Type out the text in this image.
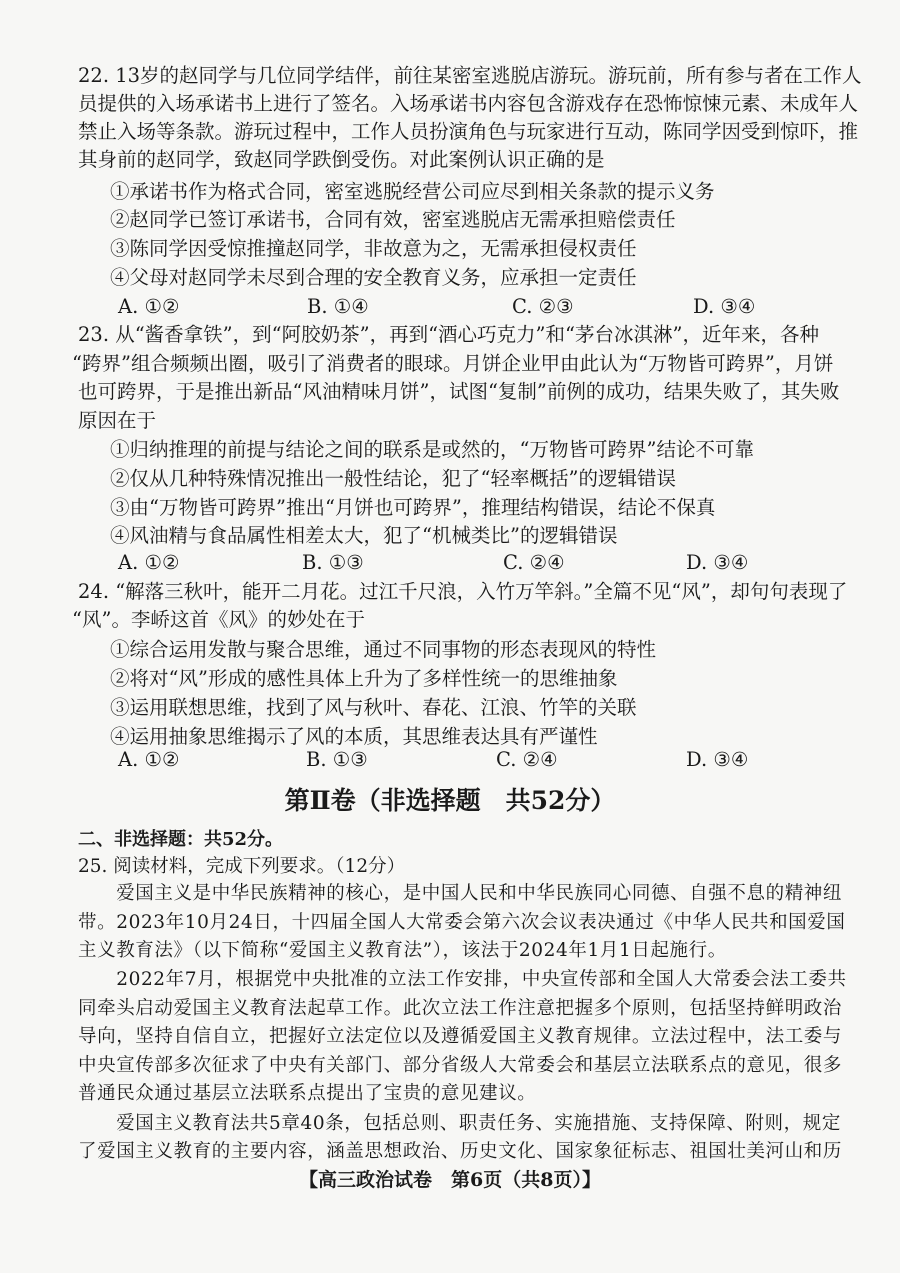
22. 13岁的赵同学与几位同学结伴，前往某密室逃脱店游玩。游玩前，所有参与者在工作人
员提供的入场承诺书上进行了签名。入场承诺书内容包含游戏存在恐怖惊悚元素、未成年人
禁止入场等条款。游玩过程中，工作人员扮演角色与玩家进行互动，陈同学因受到惊吓，推
其身前的赵同学，致赵同学跌倒受伤。对此案例认识正确的是
①承诺书作为格式合同，密室逃脱经营公司应尽到相关条款的提示义务
②赵同学已签订承诺书，合同有效，密室逃脱店无需承担赔偿责任
③陈同学因受惊推撞赵同学，非故意为之，无需承担侵权责任
④父母对赵同学未尽到合理的安全教育义务，应承担一定责任
A. ①②	B. ①④	C. ②③	D. ③④
23. 从“酱香拿铁”，到“阿胶奶茶”，再到“酒心巧克力”和“茅台冰淇淋”，近年来，各种
“跨界”组合频频出圈，吸引了消费者的眼球。月饼企业甲由此认为“万物皆可跨界”，月饼
也可跨界，于是推出新品“风油精味月饼”，试图“复制”前例的成功，结果失败了，其失败
原因在于
①归纳推理的前提与结论之间的联系是或然的，“万物皆可跨界”结论不可靠
②仅从几种特殊情况推出一般性结论，犯了“轻率概括”的逻辑错误
③由“万物皆可跨界”推出“月饼也可跨界”，推理结构错误，结论不保真
④风油精与食品属性相差太大，犯了“机械类比”的逻辑错误
A. ①②	B. ①③	C. ②④	D. ③④
24. “解落三秋叶，能开二月花。过江千尺浪，入竹万竿斜。”全篇不见“风”，却句句表现了
“风”。李峤这首《风》的妙处在于
①综合运用发散与聚合思维，通过不同事物的形态表现风的特性
②将对“风”形成的感性具体上升为了多样性统一的思维抽象
③运用联想思维，找到了风与秋叶、春花、江浪、竹竿的关联
④运用抽象思维揭示了风的本质，其思维表达具有严谨性
A. ①②	B. ①③	C. ②④	D. ③④
第Ⅱ卷（非选择题　共52分）
二、非选择题：共52分。
25. 阅读材料，完成下列要求。（12分）
　　爱国主义是中华民族精神的核心，是中国人民和中华民族同心同德、自强不息的精神纽
带。2023年10月24日，十四届全国人大常委会第六次会议表决通过《中华人民共和国爱国
主义教育法》（以下简称“爱国主义教育法”），该法于2024年1月1日起施行。
　　2022年7月，根据党中央批准的立法工作安排，中央宣传部和全国人大常委会法工委共
同牵头启动爱国主义教育法起草工作。此次立法工作注意把握多个原则，包括坚持鲜明政治
导向，坚持自信自立，把握好立法定位以及遵循爱国主义教育规律。立法过程中，法工委与
中央宣传部多次征求了中央有关部门、部分省级人大常委会和基层立法联系点的意见，很多
普通民众通过基层立法联系点提出了宝贵的意见建议。
　　爱国主义教育法共5章40条，包括总则、职责任务、实施措施、支持保障、附则，规定
了爱国主义教育的主要内容，涵盖思想政治、历史文化、国家象征标志、祖国壮美河山和历
【高三政治试卷　第6页（共8页）】
